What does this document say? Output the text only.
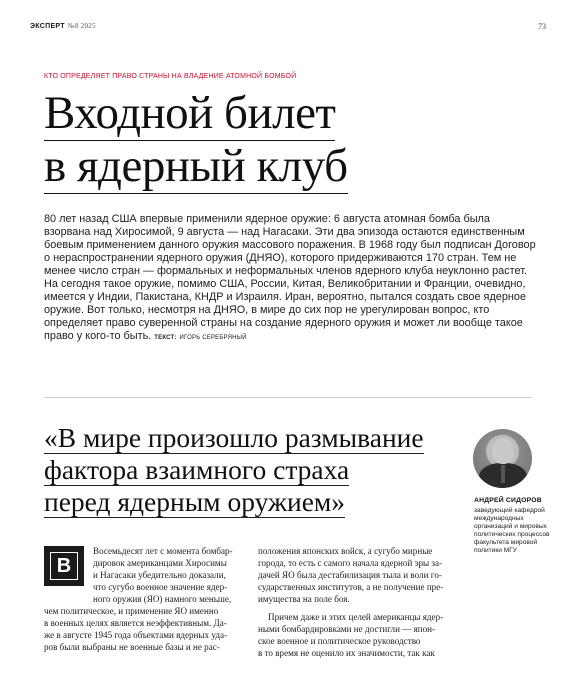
ЭКСПЕРТ №8 2025	73
КТО ОПРЕДЕЛЯЕТ ПРАВО СТРАНЫ НА ВЛАДЕНИЕ АТОМНОЙ БОМБОЙ
Входной билет
в ядерный клуб

80 лет назад США впервые применили ядерное оружие: 6 августа атомная бомба была взорвана над Хиросимой, 9 августа — над Нагасаки. Эти два эпизода остаются единственным боевым применением данного оружия массового поражения. В 1968 году был подписан Договор о нераспространении ядерного оружия (ДНЯО), которого придерживаются 170 стран. Тем не менее число стран — формальных и неформальных членов ядерного клуба неуклонно растет. На сегодня такое оружие, помимо США, России, Китая, Великобритании и Франции, очевидно, имеется у Индии, Пакистана, КНДР и Израиля. Иран, вероятно, пытался создать свое ядерное оружие. Вот только, несмотря на ДНЯО, в мире до сих пор не урегулирован вопрос, кто определяет право суверенной страны на создание ядерного оружия и может ли вообще такое право у кого-то быть. ТЕКСТ: ИГОРЬ СЕРЕБРЯНЫЙ

«В мире произошло размывание
фактора взаимного страха
перед ядерным оружием»	АНДРЕЙ СИДОРОВ
заведующий кафедрой международных организаций и мировых политических процессов факультета мировой политики МГУ
В
Восемьдесят лет с момента бомбар-
дировок американцами Хиросимы
и Нагасаки убедительно доказали,
что сугубо военное значение ядер-
ного оружия (ЯО) намного меньше,
чем политическое, и применение ЯО именно
в военных целях является неэффективным. Да-
же в августе 1945 года объектами ядерных уда-
ров были выбраны не военные базы и не рас-
положения японских войск, а сугубо мирные
города, то есть с самого начала ядерной эры за-
дачей ЯО была дестабилизация тыла и воли го-
сударственных институтов, а не получение пре-
имущества на поле боя.
Причем даже и этих целей американцы ядер-
ными бомбардировками не достигли — япон-
ское военное и политическое руководство
в то время не оценило их значимости, так как
